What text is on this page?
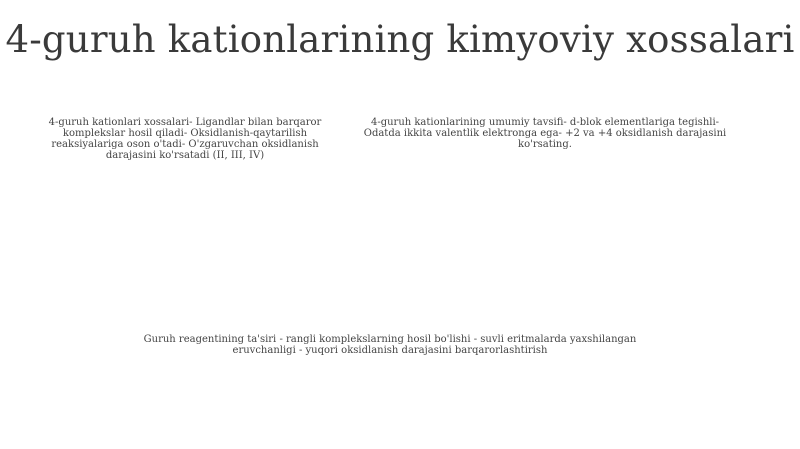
4-guruh kationlarining kimyoviy xossalari

4-guruh kationlari xossalari- Ligandlar bilan barqaror komplekslar hosil qiladi- Oksidlanish-qaytarilish reaksiyalariga oson o'tadi- O'zgaruvchan oksidlanish darajasini ko'rsatadi (II, III, IV)

4-guruh kationlarining umumiy tavsifi- d-blok elementlariga tegishli- Odatda ikkita valentlik elektronga ega- +2 va +4 oksidlanish darajasini ko'rsating.

Guruh reagentining ta'siri - rangli komplekslarning hosil bo'lishi - suvli eritmalarda yaxshilangan eruvchanligi - yuqori oksidlanish darajasini barqarorlashtirish
